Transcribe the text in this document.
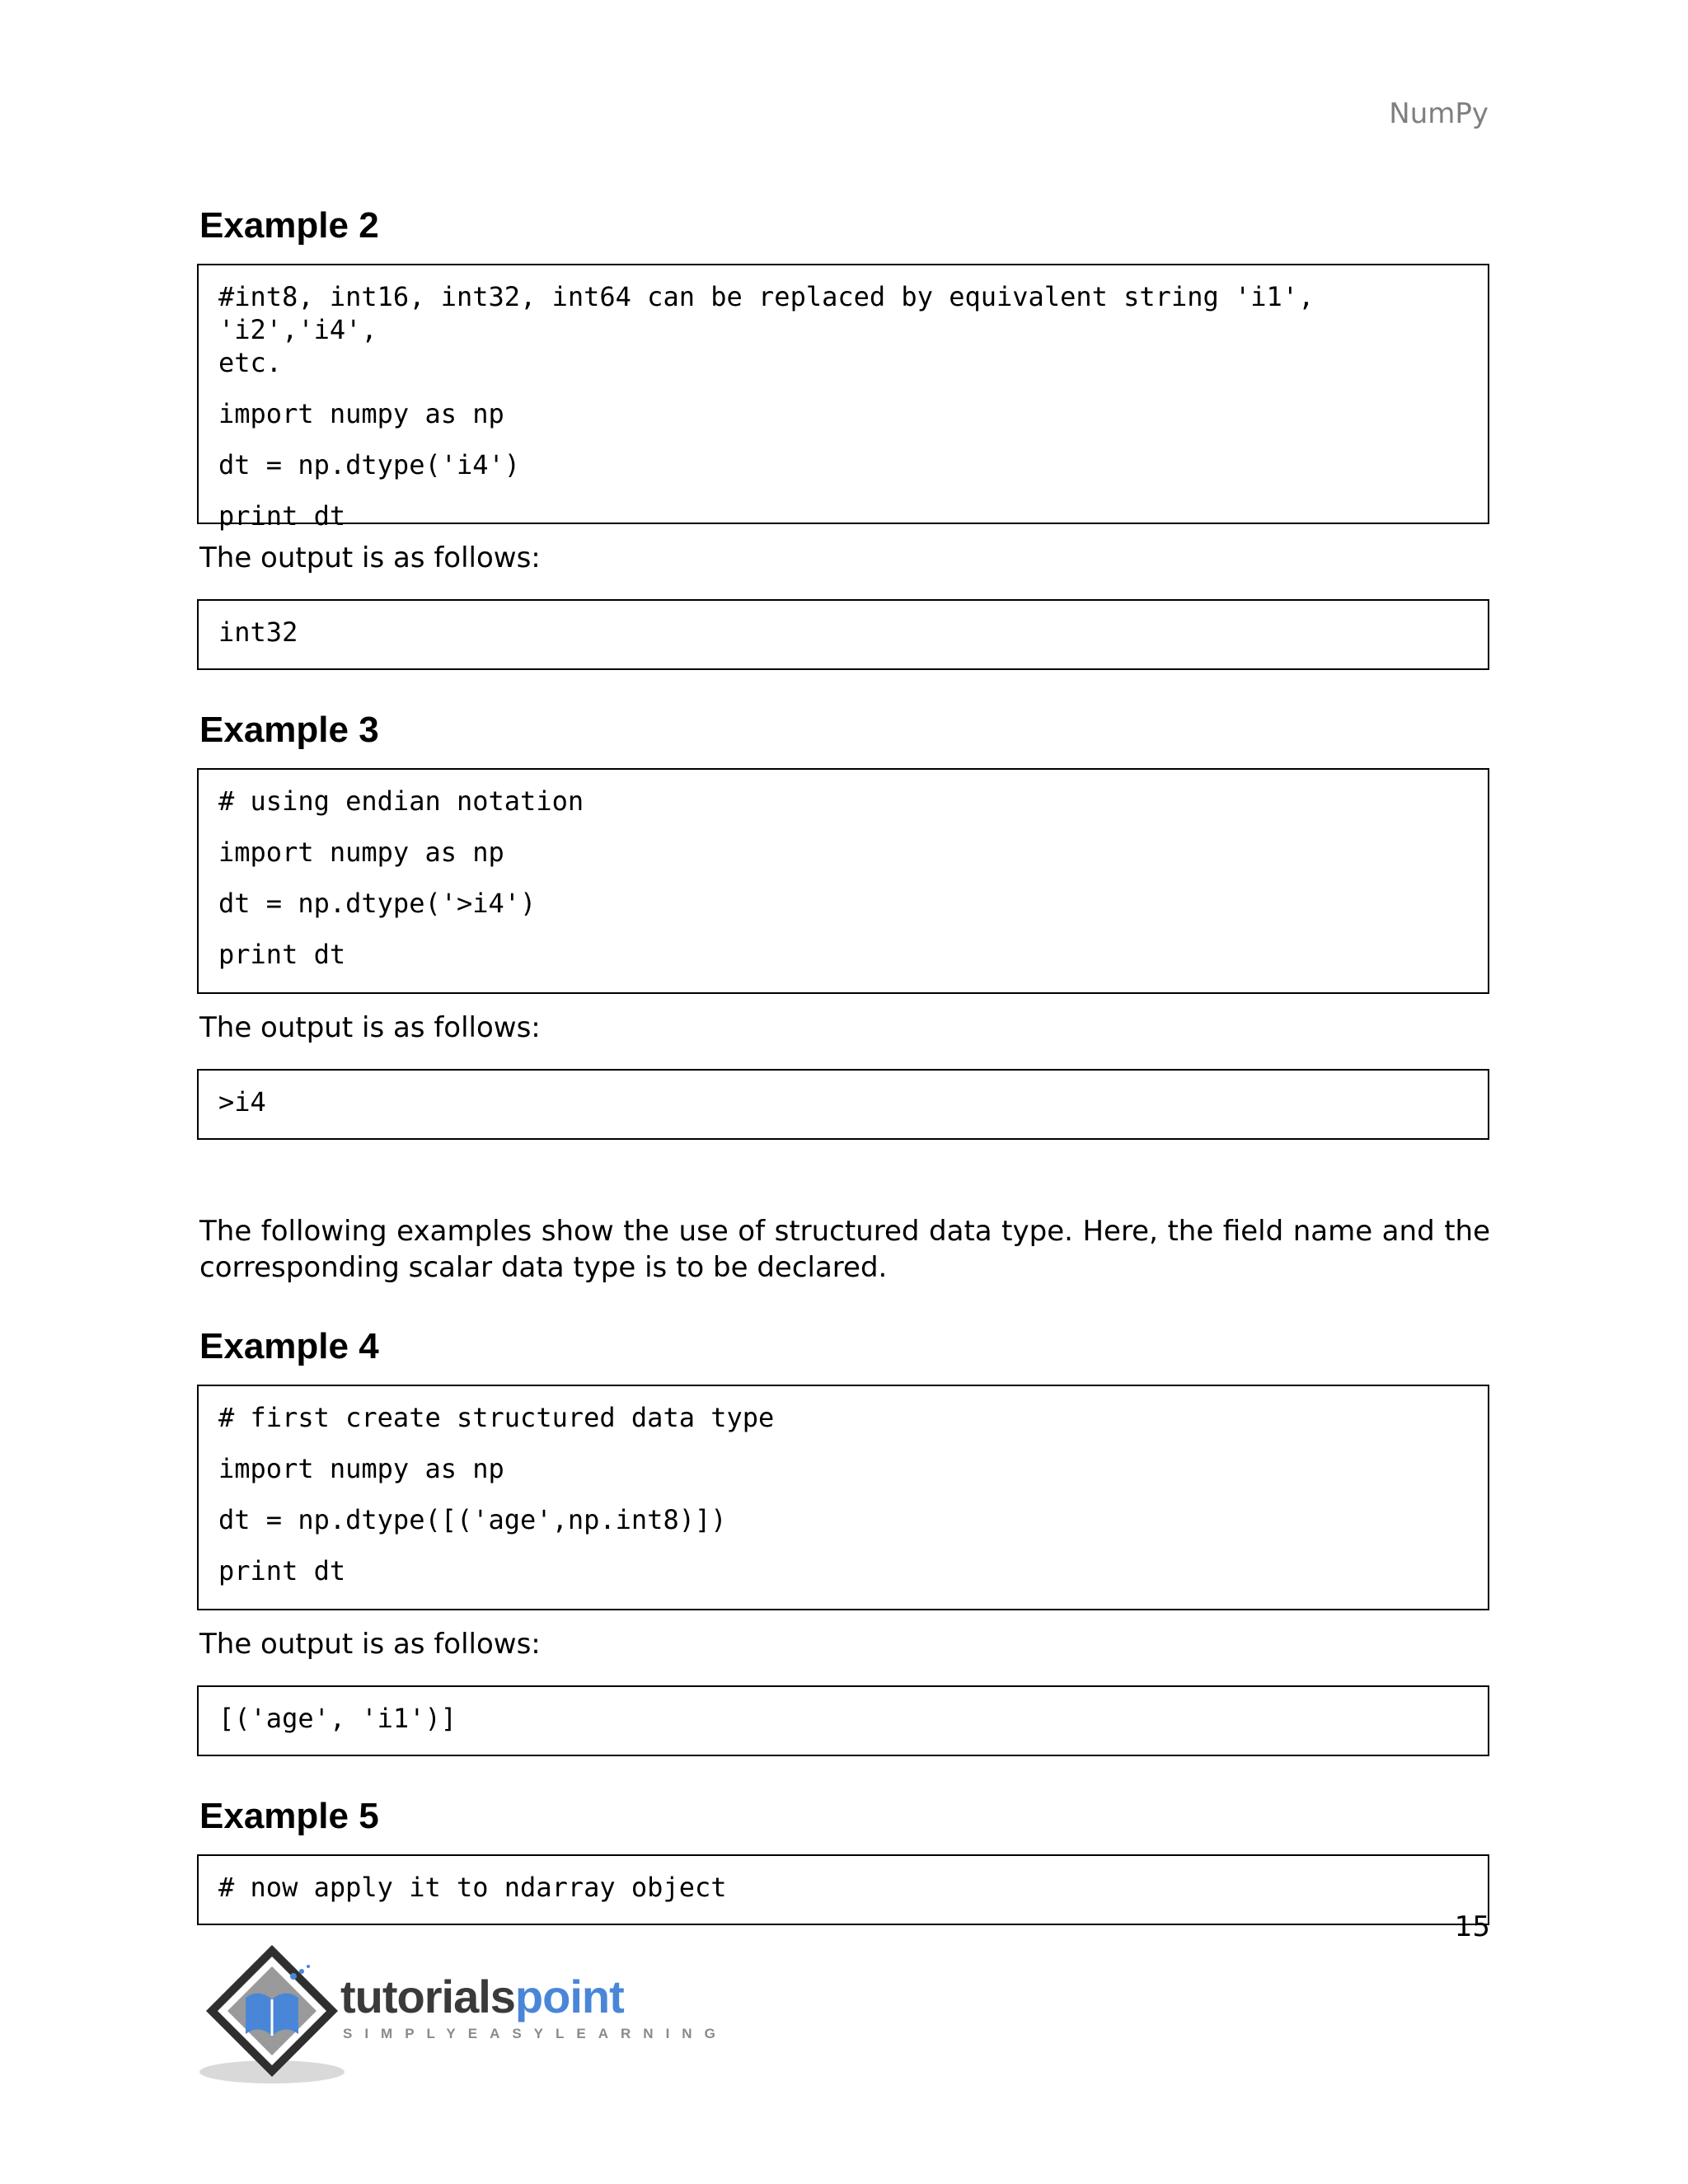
NumPy
Example 2
#int8, int16, int32, int64 can be replaced by equivalent string 'i1', 'i2','i4',
etc.
import numpy as np
dt = np.dtype('i4')
print dt

The output is as follows:

int32
Example 3
# using endian notation
import numpy as np
dt = np.dtype('>i4')
print dt

The output is as follows:

>i4

The following examples show the use of structured data type. Here, the field name and the corresponding scalar data type is to be declared.

Example 4
# first create structured data type
import numpy as np
dt = np.dtype([('age',np.int8)])
print dt

The output is as follows:

[('age', 'i1')]
Example 5
# now apply it to ndarray object
15
tutorialspoint
SIMPLYEASYLEARNING
